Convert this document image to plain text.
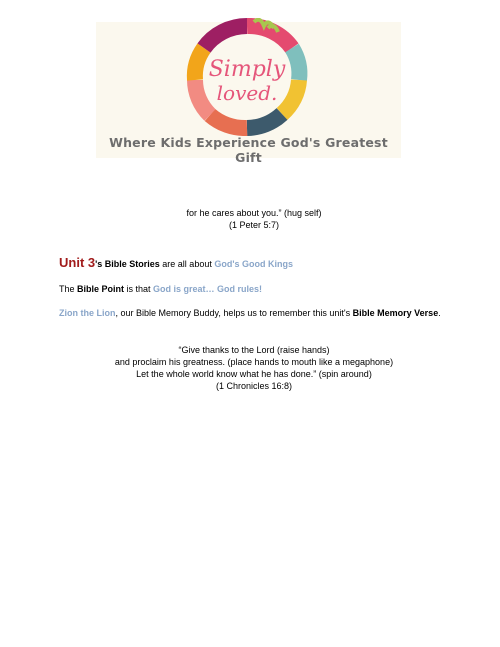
Simply
loved.
Where Kids Experience God's Greatest Gift
for he cares about you.” (hug self)
(1 Peter 5:7)
Unit 3's Bible Stories are all about God's Good Kings
The Bible Point is that God is great… God rules!
Zion the Lion, our Bible Memory Buddy, helps us to remember this unit's Bible Memory Verse.
“Give thanks to the Lord (raise hands)
and proclaim his greatness. (place hands to mouth like a megaphone)
Let the whole world know what he has done.” (spin around)
(1 Chronicles 16:8)
